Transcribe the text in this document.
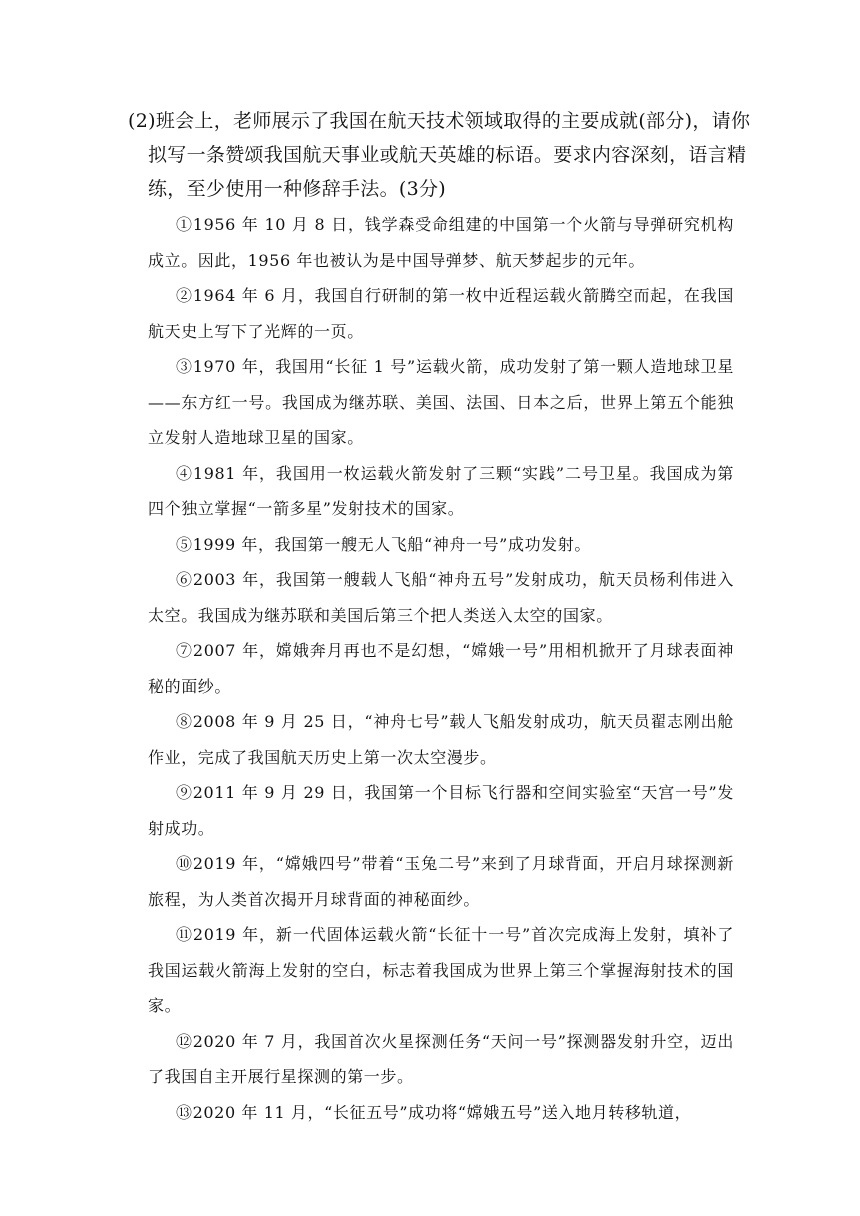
(2)班会上，老师展示了我国在航天技术领域取得的主要成就(部分)，请你拟写一条赞颂我国航天事业或航天英雄的标语。要求内容深刻，语言精练，至少使用一种修辞手法。(3分)

①1956 年 10 月 8 日，钱学森受命组建的中国第一个火箭与导弹研究机构成立。因此，1956 年也被认为是中国导弹梦、航天梦起步的元年。

②1964 年 6 月，我国自行研制的第一枚中近程运载火箭腾空而起，在我国航天史上写下了光辉的一页。

③1970 年，我国用“长征 1 号”运载火箭，成功发射了第一颗人造地球卫星——东方红一号。我国成为继苏联、美国、法国、日本之后，世界上第五个能独立发射人造地球卫星的国家。

④1981 年，我国用一枚运载火箭发射了三颗“实践”二号卫星。我国成为第四个独立掌握“一箭多星”发射技术的国家。

⑤1999 年，我国第一艘无人飞船“神舟一号”成功发射。

⑥2003 年，我国第一艘载人飞船“神舟五号”发射成功，航天员杨利伟进入太空。我国成为继苏联和美国后第三个把人类送入太空的国家。

⑦2007 年，嫦娥奔月再也不是幻想，“嫦娥一号”用相机掀开了月球表面神秘的面纱。

⑧2008 年 9 月 25 日，“神舟七号”载人飞船发射成功，航天员翟志刚出舱作业，完成了我国航天历史上第一次太空漫步。

⑨2011 年 9 月 29 日，我国第一个目标飞行器和空间实验室“天宫一号”发射成功。

⑩2019 年，“嫦娥四号”带着“玉兔二号”来到了月球背面，开启月球探测新旅程，为人类首次揭开月球背面的神秘面纱。

⑪2019 年，新一代固体运载火箭“长征十一号”首次完成海上发射，填补了我国运载火箭海上发射的空白，标志着我国成为世界上第三个掌握海射技术的国家。

⑫2020 年 7 月，我国首次火星探测任务“天问一号”探测器发射升空，迈出了我国自主开展行星探测的第一步。

⑬2020 年 11 月，“长征五号”成功将“嫦娥五号”送入地月转移轨道，
